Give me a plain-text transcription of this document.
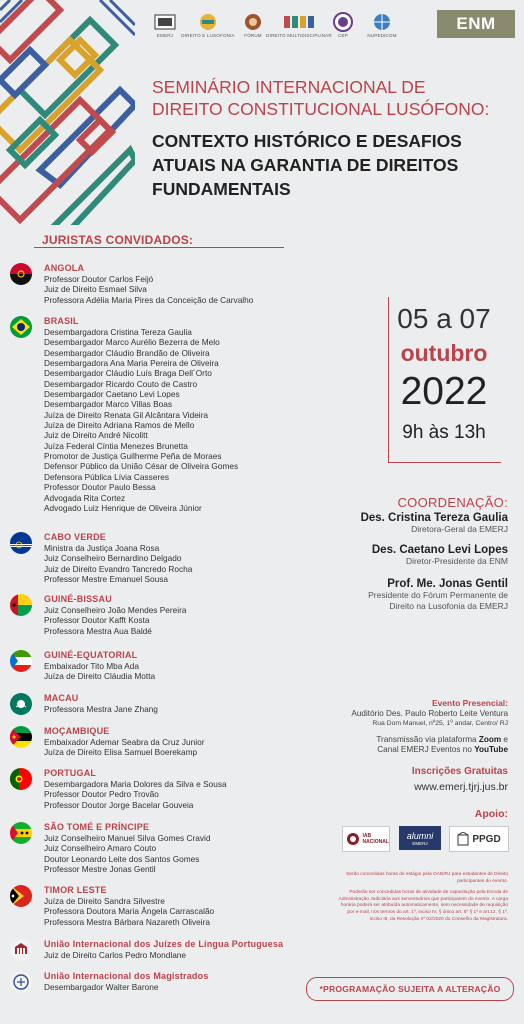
EMERJ DIREITO E LUSOFONIA FÓRUM DIREITO MULTIDISCIPLINAR CEP	NUPEDICOM
ENM
SEMINÁRIO INTERNACIONAL DE
DIREITO CONSTITUCIONAL LUSÓFONO:
CONTEXTO HISTÓRICO E DESAFIOS
ATUAIS NA GARANTIA DE DIREITOS
FUNDAMENTAIS
JURISTAS CONVIDADOS:
ANGOLA
Professor Doutor Carlos Feijó
Juiz de Direito Esmael Silva
Professora Adélia Maria Pires da Conceição de Carvalho
BRASIL
Desembargadora Cristina Tereza Gaulia
Desembargador Marco Aurélio Bezerra de Melo
Desembargador Cláudio Brandão de Oliveira
Desembargadora Ana Maria Pereira de Oliveira
Desembargador Cláudio Luís Braga Dell´Orto
Desembargador Ricardo Couto de Castro
Desembargador Caetano Levi Lopes
Desembargador Marco Villas Boas
Juíza de Direito Renata Gil Alcântara Videira
Juíza de Direito Adriana Ramos de Mello
Juiz de Direito André Nicolitt
Juíza Federal Cíntia Menezes Brunetta
Promotor de Justiça Guilherme Peña de Moraes
Defensor Público da União César de Oliveira Gomes
Defensora Pública Lívia Casseres
Professor Doutor Paulo Bessa
Advogada Rita Cortez
Advogado Luiz Henrique de Oliveira Júnior
CABO VERDE
Ministra da Justiça Joana Rosa
Juiz Conselheiro Bernardino Delgado
Juiz de Direito Evandro Tancredo Rocha
Professor Mestre Emanuel Sousa
GUINÉ-BISSAU
Juiz Conselheiro João Mendes Pereira
Professor Doutor Kafft Kosta
Professora Mestra Aua Baldé
GUINÉ-EQUATORIAL
Embaixador Tito Mba Ada
Juíza de Direito Cláudia Motta
MACAU
Professora Mestra Jane Zhang
MOÇAMBIQUE
Embaixador Ademar Seabra da Cruz Junior
Juíza de Direito Elisa Samuel Boerekamp
PORTUGAL
Desembargadora Maria Dolores da Silva e Sousa
Professor Doutor Pedro Trovão
Professor Doutor Jorge Bacelar Gouveia
SÃO TOMÉ E PRÍNCIPE
Juiz Conselheiro Manuel Silva Gomes Cravid
Juiz Conselheiro Amaro Couto
Doutor Leonardo Leite dos Santos Gomes
Professor Mestre Jonas Gentil
TIMOR LESTE
Juíza de Direito Sandra Silvestre
Professora Doutora Maria Ângela Carrascalão
Professora Mestra Bárbara Nazareth Oliveira
União Internacional dos Juízes de Língua Portuguesa
Juiz de Direito Carlos Pedro Mondlane
União Internacional dos Magistrados
Desembargador Walter Barone
05 a 07
outubro
2022
9h às 13h
COORDENAÇÃO:
Des. Cristina Tereza Gaulia
Diretora-Geral da EMERJ
Des. Caetano Levi Lopes
Diretor-Presidente da ENM
Prof. Me. Jonas Gentil
Presidente do Fórum Permanente de
Direito na Lusofonia da EMERJ
Evento Presencial:
Auditório Des. Paulo Roberto Leite Ventura
Rua Dom Manuel, nº25, 1º andar, Centro/ RJ
Transmissão via plataforma Zoom e
Canal EMERJ Eventos no YouTube
Inscrições Gratuitas
www.emerj.tjrj.jus.br
Apoio:
IAB NACIONAL
alumni
EMERJ	PPGD
Serão concedidas horas de estágio pela OAB/RJ para estudantes de Direito participantes do evento.
Poderão ser concedidas horas de atividade de capacitação pela Escola de Administração Judiciária aos serventuários que participarem do evento. A carga horária poderá ser atribuída automaticamente, sem necessidade de requisição por e-mail, nos termos do art. 1º, inciso IV, § único art. 6º § 1º e art.12, § 1º, inciso III, da Resolução nº 02/2020 do Conselho da Magistratura.
*PROGRAMAÇÃO SUJEITA A ALTERAÇÃO
